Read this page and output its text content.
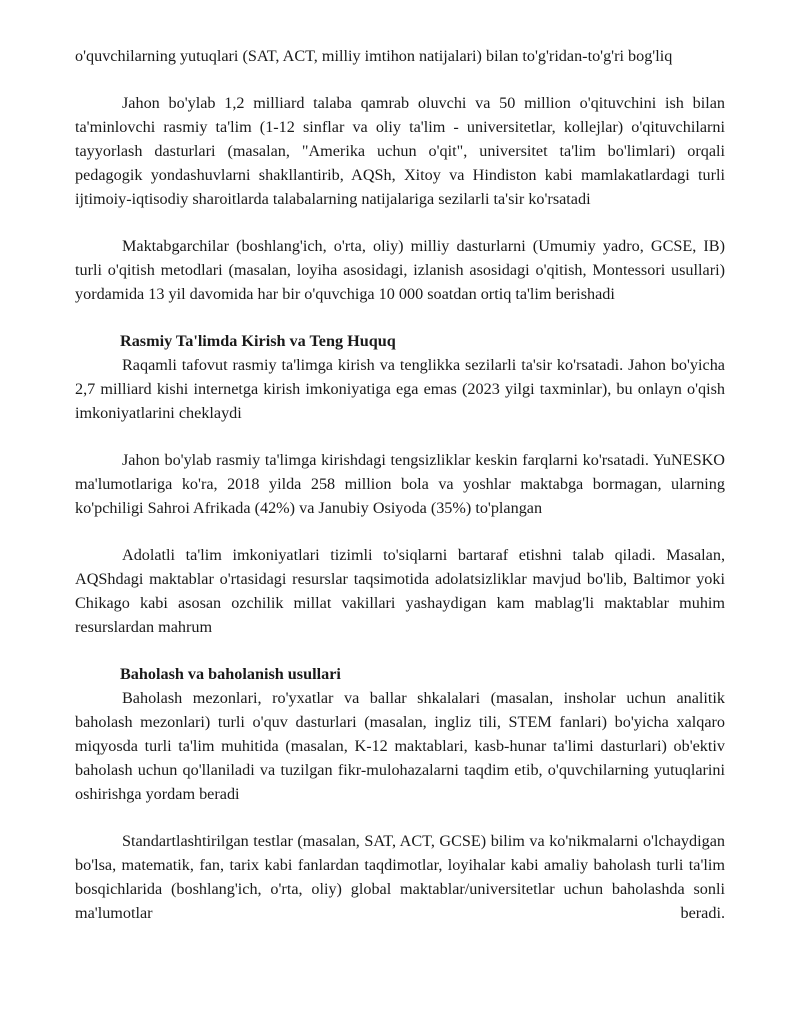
o'quvchilarning yutuqlari (SAT, ACT, milliy imtihon natijalari) bilan to'g'ridan-to'g'ri bog'liq

Jahon bo'ylab 1,2 milliard talaba qamrab oluvchi va 50 million o'qituvchini ish bilan ta'minlovchi rasmiy ta'lim (1-12 sinflar va oliy ta'lim - universitetlar, kollejlar) o'qituvchilarni tayyorlash dasturlari (masalan, "Amerika uchun o'qit", universitet ta'lim bo'limlari) orqali pedagogik yondashuvlarni shakllantirib, AQSh, Xitoy va Hindiston kabi mamlakatlardagi turli ijtimoiy-iqtisodiy sharoitlarda talabalarning natijalariga sezilarli ta'sir ko'rsatadi

Maktabgarchilar (boshlang'ich, o'rta, oliy) milliy dasturlarni (Umumiy yadro, GCSE, IB) turli o'qitish metodlari (masalan, loyiha asosidagi, izlanish asosidagi o'qitish, Montessori usullari) yordamida 13 yil davomida har bir o'quvchiga 10 000 soatdan ortiq ta'lim berishadi

Rasmiy Ta'limda Kirish va Teng Huquq

Raqamli tafovut rasmiy ta'limga kirish va tenglikka sezilarli ta'sir ko'rsatadi. Jahon bo'yicha 2,7 milliard kishi internetga kirish imkoniyatiga ega emas (2023 yilgi taxminlar), bu onlayn o'qish imkoniyatlarini cheklaydi

Jahon bo'ylab rasmiy ta'limga kirishdagi tengsizliklar keskin farqlarni ko'rsatadi. YuNESKO ma'lumotlariga ko'ra, 2018 yilda 258 million bola va yoshlar maktabga bormagan, ularning ko'pchiligi Sahroi Afrikada (42%) va Janubiy Osiyoda (35%) to'plangan

Adolatli ta'lim imkoniyatlari tizimli to'siqlarni bartaraf etishni talab qiladi. Masalan, AQShdagi maktablar o'rtasidagi resurslar taqsimotida adolatsizliklar mavjud bo'lib, Baltimor yoki Chikago kabi asosan ozchilik millat vakillari yashaydigan kam mablag'li maktablar muhim resurslardan mahrum

Baholash va baholanish usullari

Baholash mezonlari, ro'yxatlar va ballar shkalalari (masalan, insholar uchun analitik baholash mezonlari) turli o'quv dasturlari (masalan, ingliz tili, STEM fanlari) bo'yicha xalqaro miqyosda turli ta'lim muhitida (masalan, K-12 maktablari, kasb-hunar ta'limi dasturlari) ob'ektiv baholash uchun qo'llaniladi va tuzilgan fikr-mulohazalarni taqdim etib, o'quvchilarning yutuqlarini oshirishga yordam beradi

Standartlashtirilgan testlar (masalan, SAT, ACT, GCSE) bilim va ko'nikmalarni o'lchaydigan bo'lsa, matematik, fan, tarix kabi fanlardan taqdimotlar, loyihalar kabi amaliy baholash turli ta'lim bosqichlarida (boshlang'ich, o'rta, oliy) global maktablar/universitetlar uchun baholashda sonli ma'lumotlar beradi.
